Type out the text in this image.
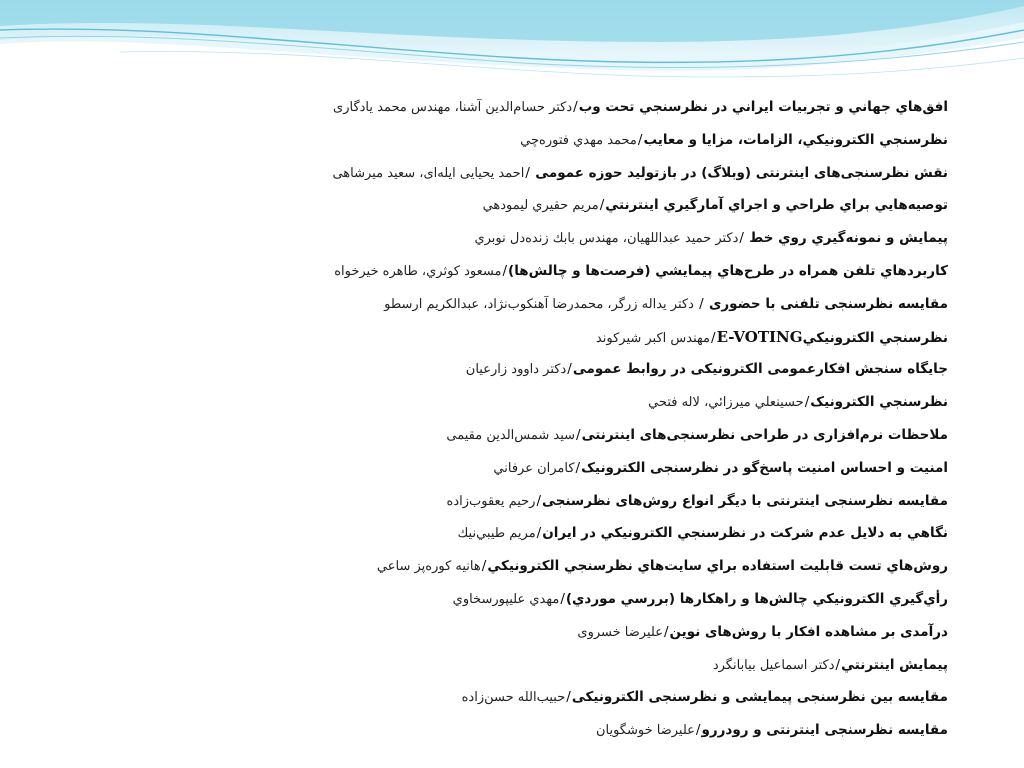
افق‌هاي جهاني و تجربيات ايراني در نظرسنجي تحت وب/دكتر حسام‌الدين آشنا، مهندس محمد یادگاری
نظرسنجي الكترونيكي، الزامات، مزايا و معايب/محمد مهدي فتوره‌چي
نقش نظرسنجی‌های اینترنتی (وبلاگ) در بازتولید حوزه عمومی /احمد یحیایی ایله‌ای، سعید میرشاهی
توصيه‌هايي براي طراحي و اجراي آمارگيري اينترنتي/مريم حقيري ليمودهي
پيمايش و نمونه‌گيري روي خط /دكتر حميد عبداللهيان، مهندس بابك زنده‌دل نوبري
كاربردهاي تلفن همراه در طرح‌هاي پيمايشي (فرصت‌ها و چالش‌ها)/مسعود كوثري، طاهره خيرخواه
مقایسه نظرسنجی تلفنی با حضوری / دکتر یداله زرگر، محمدرضا آهنکوب‌نژاد، عبدالکریم ارسطو
نظرسنجي الكترونيكيE-VOTING/مهندس اكبر شيركوند
جايگاه سنجش افكارعمومی الكترونيكی در روابط عمومی/دكتر داوود زارعيان
نظرسنجي الكترونيک/حسينعلي ميرزائي، لاله فتحي
ملاحظات نرم‌افزاری در طراحی نظرسنجی‌های اینترنتی/سيد شمس‌الدين مقيمی
امنيت و احساس امنيت پاسخ‌گو در نظرسنجی الکترونیک/كامران عرفاني
مقایسه نظرسنجی اینترنتی با دیگر انواع روش‌های نظرسنجی/رحیم یعقوب‌زاده
نگاهي به دلايل عدم شركت در نظرسنجي الكترونيكي در ايران/مريم طيبي‌نيك
روش‌هاي تست قابليت استفاده براي سايت‌هاي نظرسنجي الكترونيكي/هانيه كوره‌پز ساعي
رأي‌گيري الكترونيكي چالش‌ها و راهكارها (بررسي موردي)/مهدي عليپورسخاوي
درآمدی بر مشاهده افکار با روش‌های نوین/عليرضا خسروی
پيمايش اينترنتي/دكتر اسماعيل بيابانگرد
مقایسه بین نظرسنجی پیمایشی و نظرسنجی الکترونیکی/حبیب‌الله حسن‌زاده
مقایسه نظرسنجی اینترنتی و رودررو/علیرضا خوشگویان
